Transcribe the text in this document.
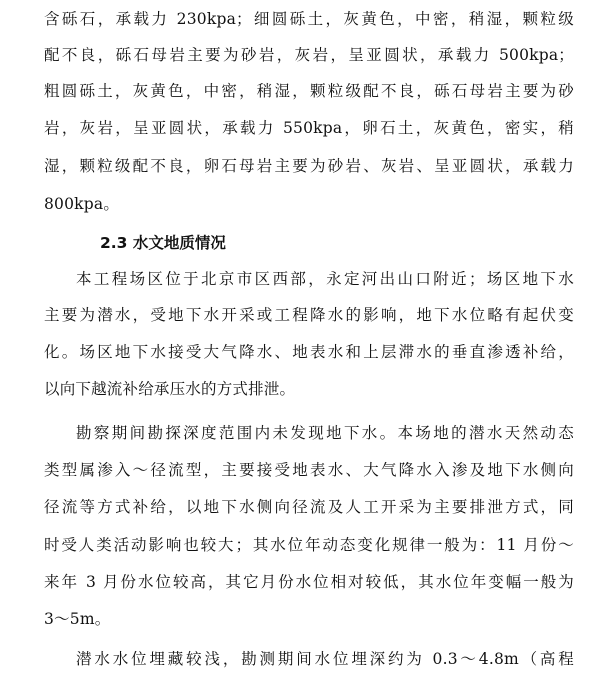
含砾石，承载力 230kpa；细圆砾土，灰黄色，中密，稍湿，颗粒级
配不良，砾石母岩主要为砂岩，灰岩，呈亚圆状，承载力 500kpa；
粗圆砾土，灰黄色，中密，稍湿，颗粒级配不良，砾石母岩主要为砂
岩，灰岩，呈亚圆状，承载力 550kpa，卵石土，灰黄色，密实，稍
湿，颗粒级配不良，卵石母岩主要为砂岩、灰岩、呈亚圆状，承载力
800kpa。
2.3 水文地质情况
本工程场区位于北京市区西部，永定河出山口附近；场区地下水
主要为潜水，受地下水开采或工程降水的影响，地下水位略有起伏变
化。场区地下水接受大气降水、地表水和上层滞水的垂直渗透补给，
以向下越流补给承压水的方式排泄。
勘察期间勘探深度范围内未发现地下水。本场地的潜水天然动态
类型属渗入～径流型，主要接受地表水、大气降水入渗及地下水侧向
径流等方式补给，以地下水侧向径流及人工开采为主要排泄方式，同
时受人类活动影响也较大；其水位年动态变化规律一般为：11 月份～
来年 3 月份水位较高，其它月份水位相对较低，其水位年变幅一般为
3～5m。
潜水水位埋藏较浅，勘测期间水位埋深约为 0.3～4.8m（高程
